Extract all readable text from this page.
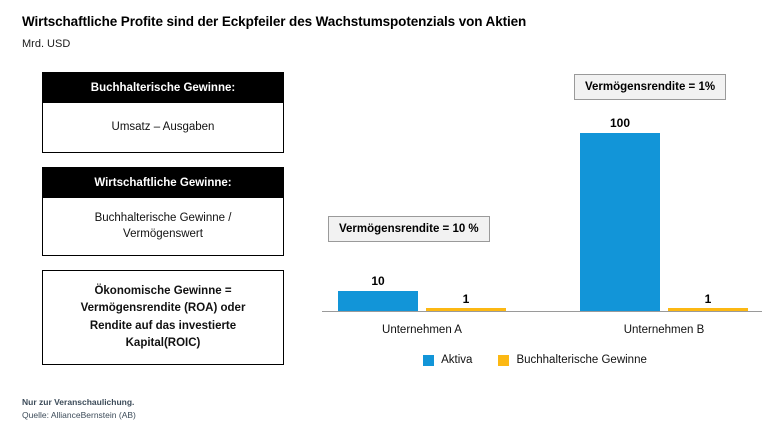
Wirtschaftliche Profite sind der Eckpfeiler des Wachstumspotenzials von Aktien
Mrd. USD
Buchhalterische Gewinne:
Umsatz – Ausgaben
Wirtschaftliche Gewinne:
Buchhalterische Gewinne /
Vermögenswert
Ökonomische Gewinne =
Vermögensrendite (ROA) oder
Rendite auf das investierte
Kapital(ROIC)
Vermögensrendite = 10 %
Vermögensrendite = 1%
10
1
Unternehmen A
100
1
Unternehmen B
Aktiva	Buchhalterische Gewinne
Nur zur Veranschaulichung.
Quelle: AllianceBernstein (AB)
